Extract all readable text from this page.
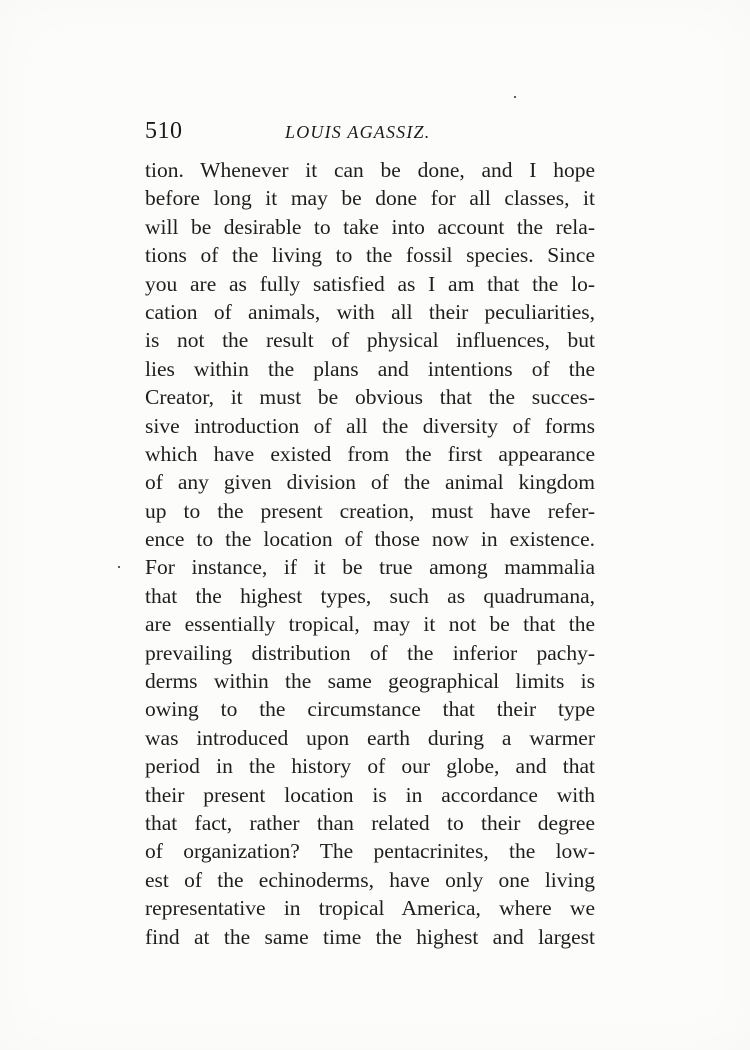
510	LOUIS AGASSIZ.
tion. Whenever it can be done, and I hope
before long it may be done for all classes, it
will be desirable to take into account the rela-
tions of the living to the fossil species. Since
you are as fully satisfied as I am that the lo-
cation of animals, with all their peculiarities,
is not the result of physical influences, but
lies within the plans and intentions of the
Creator, it must be obvious that the succes-
sive introduction of all the diversity of forms
which have existed from the first appearance
of any given division of the animal kingdom
up to the present creation, must have refer-
ence to the location of those now in existence.
For instance, if it be true among mammalia
that the highest types, such as quadrumana,
are essentially tropical, may it not be that the
prevailing distribution of the inferior pachy-
derms within the same geographical limits is
owing to the circumstance that their type
was introduced upon earth during a warmer
period in the history of our globe, and that
their present location is in accordance with
that fact, rather than related to their degree
of organization? The pentacrinites, the low-
est of the echinoderms, have only one living
representative in tropical America, where we
find at the same time the highest and largest
